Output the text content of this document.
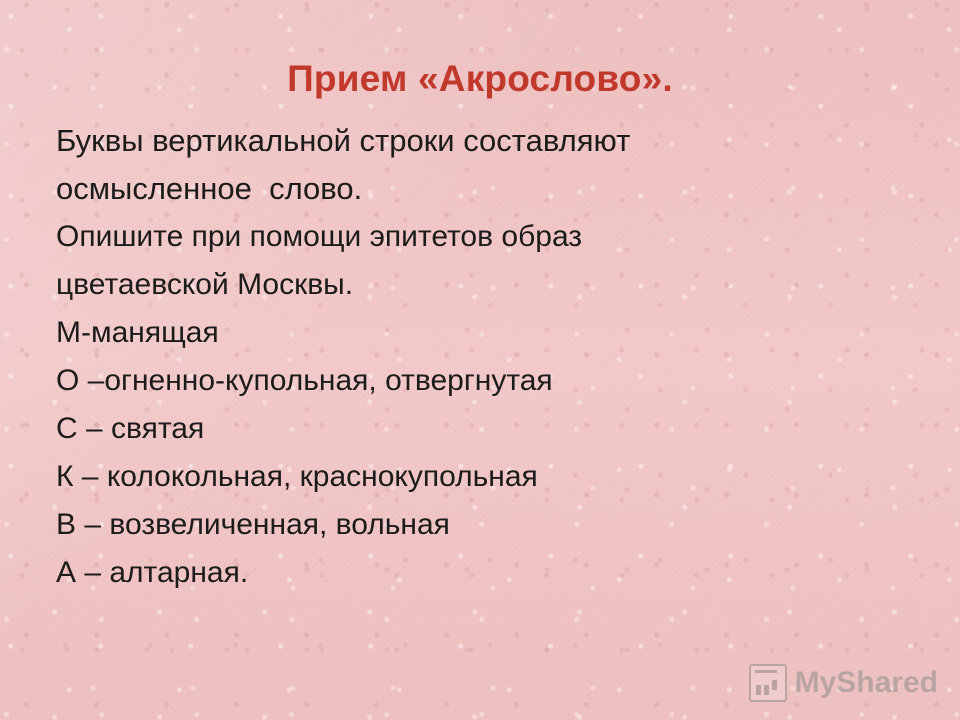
Прием «Акрослово».

Буквы вертикальной строки составляют

осмысленное  слово.

Опишите при помощи эпитетов образ

цветаевской Москвы.

М-манящая

О –огненно-купольная, отвергнутая

С – святая

К – колокольная, краснокупольная

В – возвеличенная, вольная

А – алтарная.

MyShared
